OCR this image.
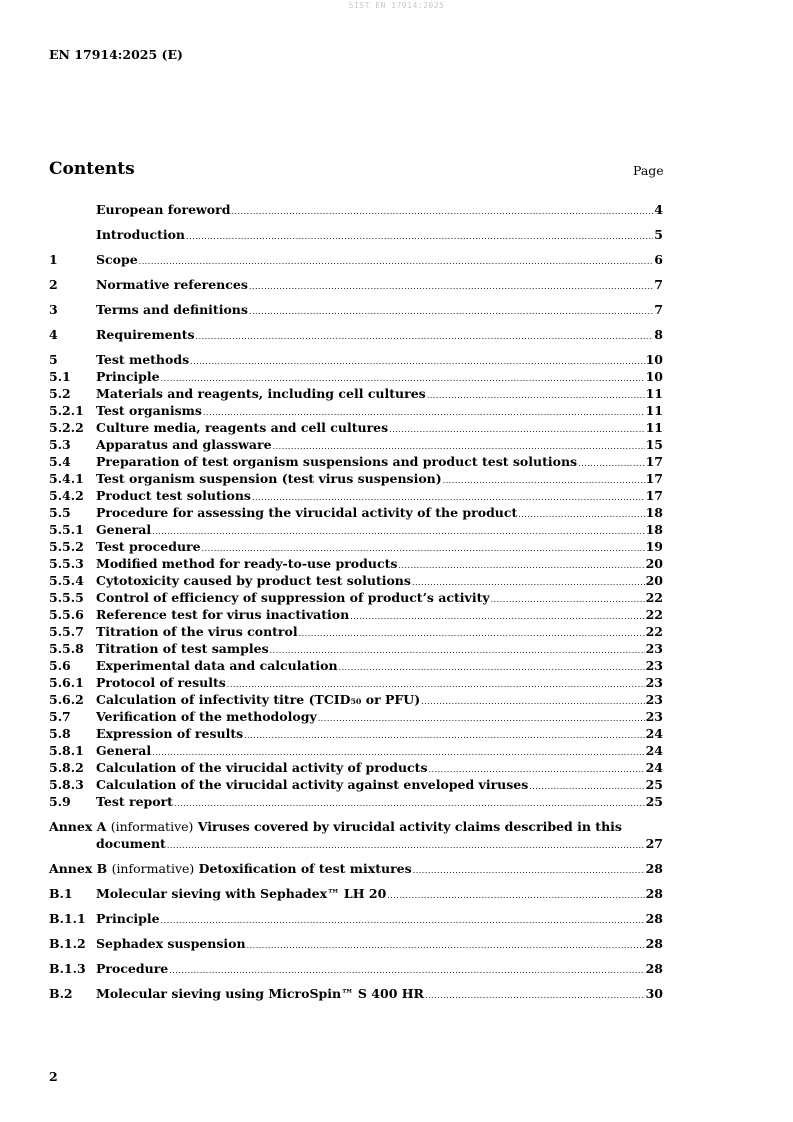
SIST EN 17914:2025
EN 17914:2025 (E)
Contents	Page
European foreword .....	4
Introduction .....	5
1	Scope .....	6
2	Normative references .....	7
3	Terms and definitions .....	7
4	Requirements .....	8
5	Test methods .....	10
5.1	Principle .....	10
5.2	Materials and reagents, including cell cultures .....	11
5.2.1 Test organisms .....	11
5.2.2 Culture media, reagents and cell cultures .....	11
5.3	Apparatus and glassware .....	15
5.4	Preparation of test organism suspensions and product test solutions .....	17
5.4.1 Test organism suspension (test virus suspension) .....	17
5.4.2 Product test solutions .....	17
5.5	Procedure for assessing the virucidal activity of the product .....	18
5.5.1 General .....	18
5.5.2 Test procedure .....	19
5.5.3 Modified method for ready-to-use products .....	20
5.5.4 Cytotoxicity caused by product test solutions .....	20
5.5.5 Control of efficiency of suppression of product’s activity .....	22
5.5.6 Reference test for virus inactivation .....	22
5.5.7 Titration of the virus control .....	22
5.5.8 Titration of test samples .....	23
5.6	Experimental data and calculation .....	23
5.6.1 Protocol of results .....	23
5.6.2 Calculation of infectivity titre (TCID₅₀ or PFU) .....	23
5.7	Verification of the methodology .....	23
5.8	Expression of results .....	24
5.8.1 General .....	24
5.8.2 Calculation of the virucidal activity of products .....	24
5.8.3 Calculation of the virucidal activity against enveloped viruses .....	25
5.9	Test report .....	25
Annex A (informative) Viruses covered by virucidal activity claims described in this
document .....	27
Annex B (informative) Detoxification of test mixtures .....	28
B.1	Molecular sieving with Sephadex™ LH 20 .....	28
B.1.1 Principle .....	28
B.1.2 Sephadex suspension .....	28
B.1.3 Procedure .....	28
B.2	Molecular sieving using MicroSpin™ S 400 HR .....	30
2
